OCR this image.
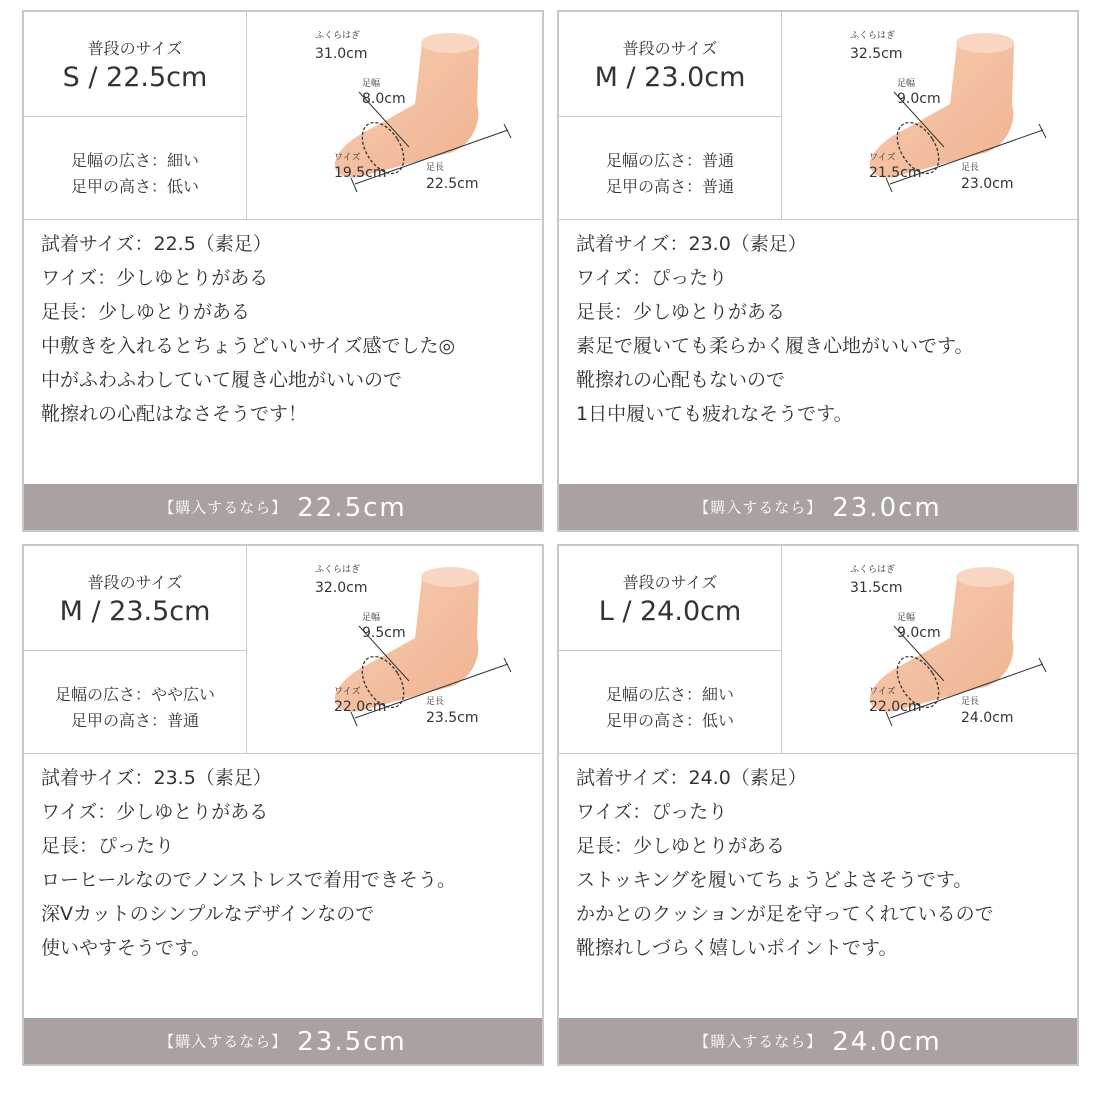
普段のサイズ
S / 22.5cm
足幅の広さ：細い
足甲の高さ：低い
ふくらはぎ
31.0cm
足幅
8.0cm
ワイズ
19.5cm	足長
22.5cm
試着サイズ：22.5（素足）
ワイズ：少しゆとりがある
足長：少しゆとりがある
中敷きを入れるとちょうどいいサイズ感でした◎
中がふわふわしていて履き心地がいいので
靴擦れの心配はなさそうです！
【購入するなら】 22.5cm
普段のサイズ
M / 23.0cm
足幅の広さ：普通
足甲の高さ：普通
ふくらはぎ
32.5cm
足幅
9.0cm
ワイズ
21.5cm	足長
23.0cm
試着サイズ：23.0（素足）
ワイズ：ぴったり
足長：少しゆとりがある
素足で履いても柔らかく履き心地がいいです。
靴擦れの心配もないので
1日中履いても疲れなそうです。
【購入するなら】 23.0cm
普段のサイズ
M / 23.5cm
足幅の広さ：やや広い
足甲の高さ：普通
ふくらはぎ
32.0cm
足幅
9.5cm
ワイズ
22.0cm	足長
23.5cm
試着サイズ：23.5（素足）
ワイズ：少しゆとりがある
足長：ぴったり
ローヒールなのでノンストレスで着用できそう。
深Vカットのシンプルなデザインなので
使いやすそうです。
【購入するなら】 23.5cm
普段のサイズ
L / 24.0cm
足幅の広さ：細い
足甲の高さ：低い
ふくらはぎ
31.5cm
足幅
9.0cm
ワイズ
22.0cm	足長
24.0cm
試着サイズ：24.0（素足）
ワイズ：ぴったり
足長：少しゆとりがある
ストッキングを履いてちょうどよさそうです。
かかとのクッションが足を守ってくれているので
靴擦れしづらく嬉しいポイントです。
【購入するなら】 24.0cm
